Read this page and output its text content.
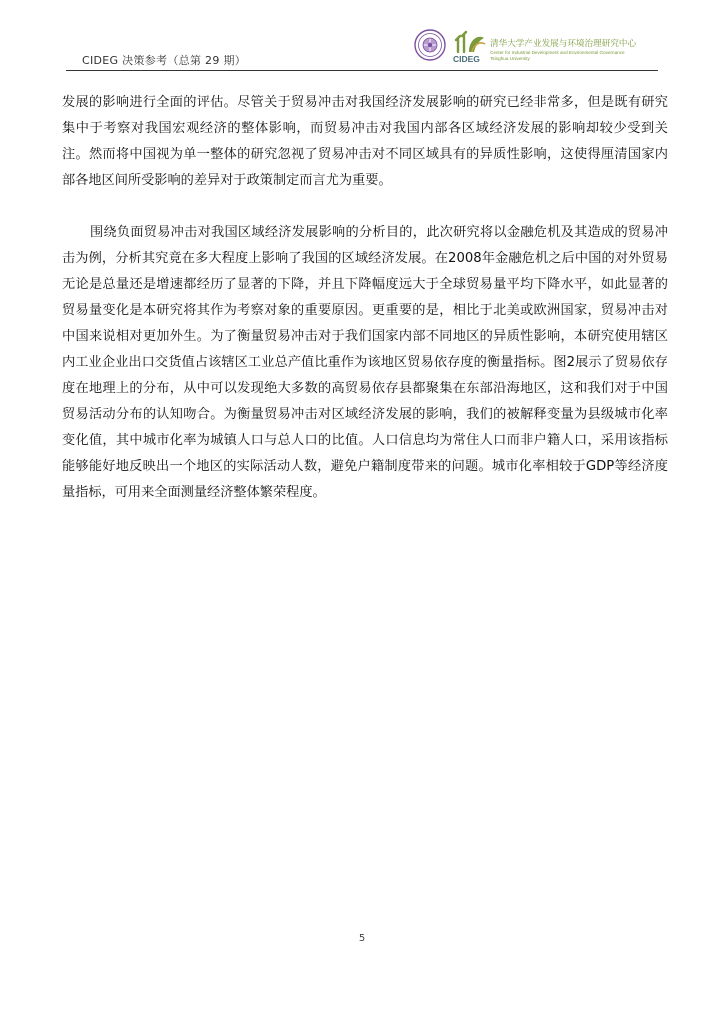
CIDEG 决策参考（总第 29 期）	CIDEG
清华大学产业发展与环境治理研究中心
Center for Industrial Development and Environmental Governance
Tsinghua University

发展的影响进行全面的评估。尽管关于贸易冲击对我国经济发展影响的研究已经非常多，但是既有研究集中于考察对我国宏观经济的整体影响，而贸易冲击对我国内部各区域经济发展的影响却较少受到关注。然而将中国视为单一整体的研究忽视了贸易冲击对不同区域具有的异质性影响，这使得厘清国家内部各地区间所受影响的差异对于政策制定而言尤为重要。

围绕负面贸易冲击对我国区域经济发展影响的分析目的，此次研究将以金融危机及其造成的贸易冲击为例，分析其究竟在多大程度上影响了我国的区域经济发展。在2008年金融危机之后中国的对外贸易无论是总量还是增速都经历了显著的下降，并且下降幅度远大于全球贸易量平均下降水平，如此显著的贸易量变化是本研究将其作为考察对象的重要原因。更重要的是，相比于北美或欧洲国家，贸易冲击对中国来说相对更加外生。为了衡量贸易冲击对于我们国家内部不同地区的异质性影响，本研究使用辖区内工业企业出口交货值占该辖区工业总产值比重作为该地区贸易依存度的衡量指标。图2展示了贸易依存度在地理上的分布，从中可以发现绝大多数的高贸易依存县都聚集在东部沿海地区，这和我们对于中国贸易活动分布的认知吻合。为衡量贸易冲击对区域经济发展的影响，我们的被解释变量为县级城市化率变化值，其中城市化率为城镇人口与总人口的比值。人口信息均为常住人口而非户籍人口，采用该指标能够能好地反映出一个地区的实际活动人数，避免户籍制度带来的问题。城市化率相较于GDP等经济度量指标，可用来全面测量经济整体繁荣程度。

5
